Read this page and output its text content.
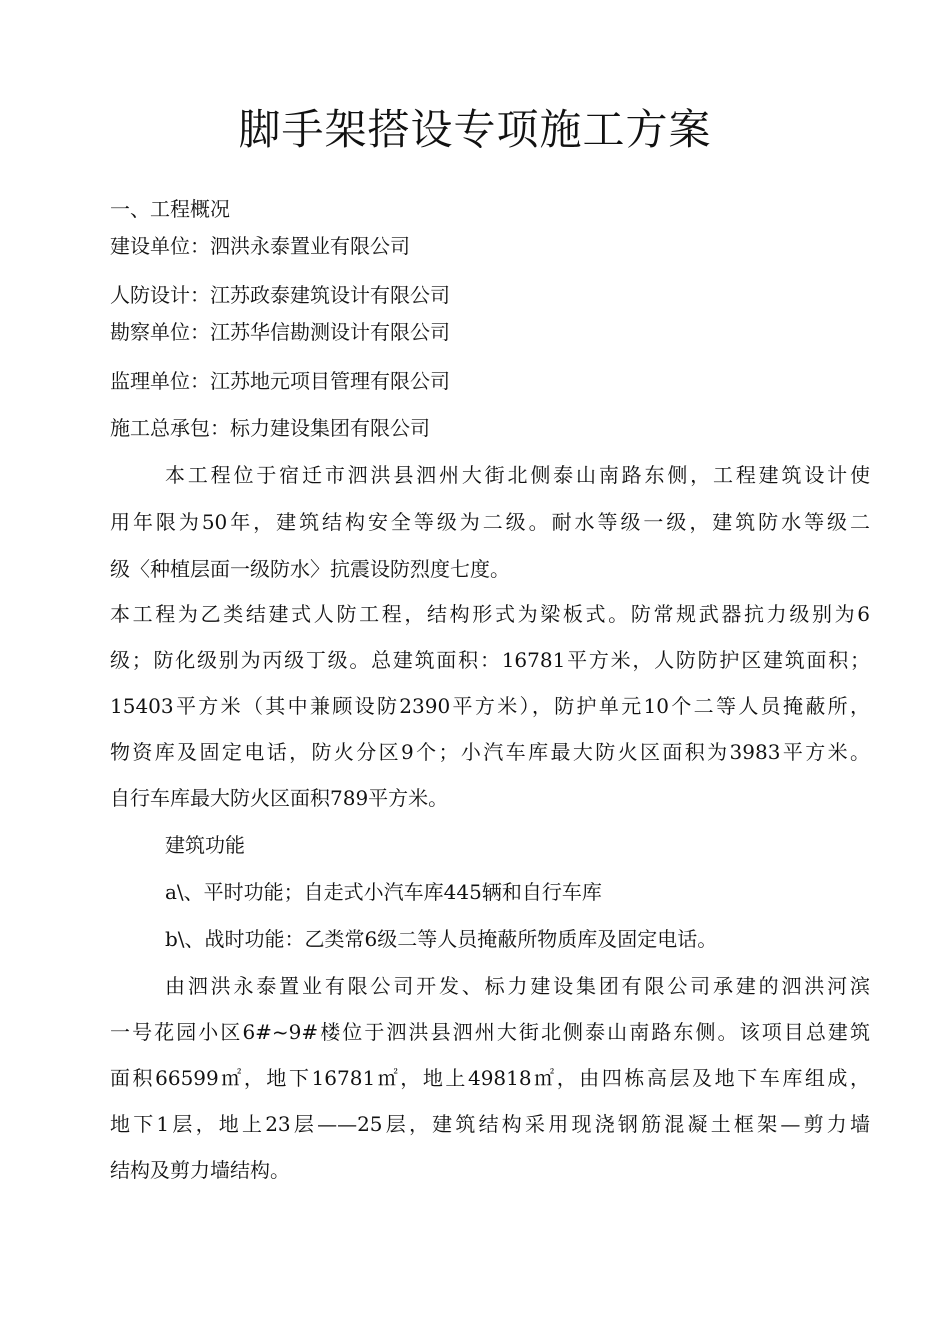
脚手架搭设专项施工方案
一、工程概况
建设单位：泗洪永泰置业有限公司
人防设计：江苏政泰建筑设计有限公司
勘察单位：江苏华信勘测设计有限公司
监理单位：江苏地元项目管理有限公司
施工总承包：标力建设集团有限公司
本工程位于宿迁市泗洪县泗州大街北侧泰山南路东侧，工程建筑设计使
用年限为50年，建筑结构安全等级为二级。耐水等级一级，建筑防水等级二
级〈种植层面一级防水〉抗震设防烈度七度。
本工程为乙类结建式人防工程，结构形式为梁板式。防常规武器抗力级别为6
级；防化级别为丙级丁级。总建筑面积：16781平方米，人防防护区建筑面积；
15403平方米（其中兼顾设防2390平方米），防护单元10个二等人员掩蔽所，
物资库及固定电话，防火分区9个；小汽车库最大防火区面积为3983平方米。
自行车库最大防火区面积789平方米。
建筑功能
a\、平时功能；自走式小汽车库445辆和自行车库
b\、战时功能：乙类常6级二等人员掩蔽所物质库及固定电话。
由泗洪永泰置业有限公司开发、标力建设集团有限公司承建的泗洪河滨
一号花园小区6#~9#楼位于泗洪县泗州大街北侧泰山南路东侧。该项目总建筑
面积66599㎡，地下16781㎡，地上49818㎡，由四栋高层及地下车库组成，
地下1层，地上23层——25层，建筑结构采用现浇钢筋混凝土框架—剪力墙
结构及剪力墙结构。
